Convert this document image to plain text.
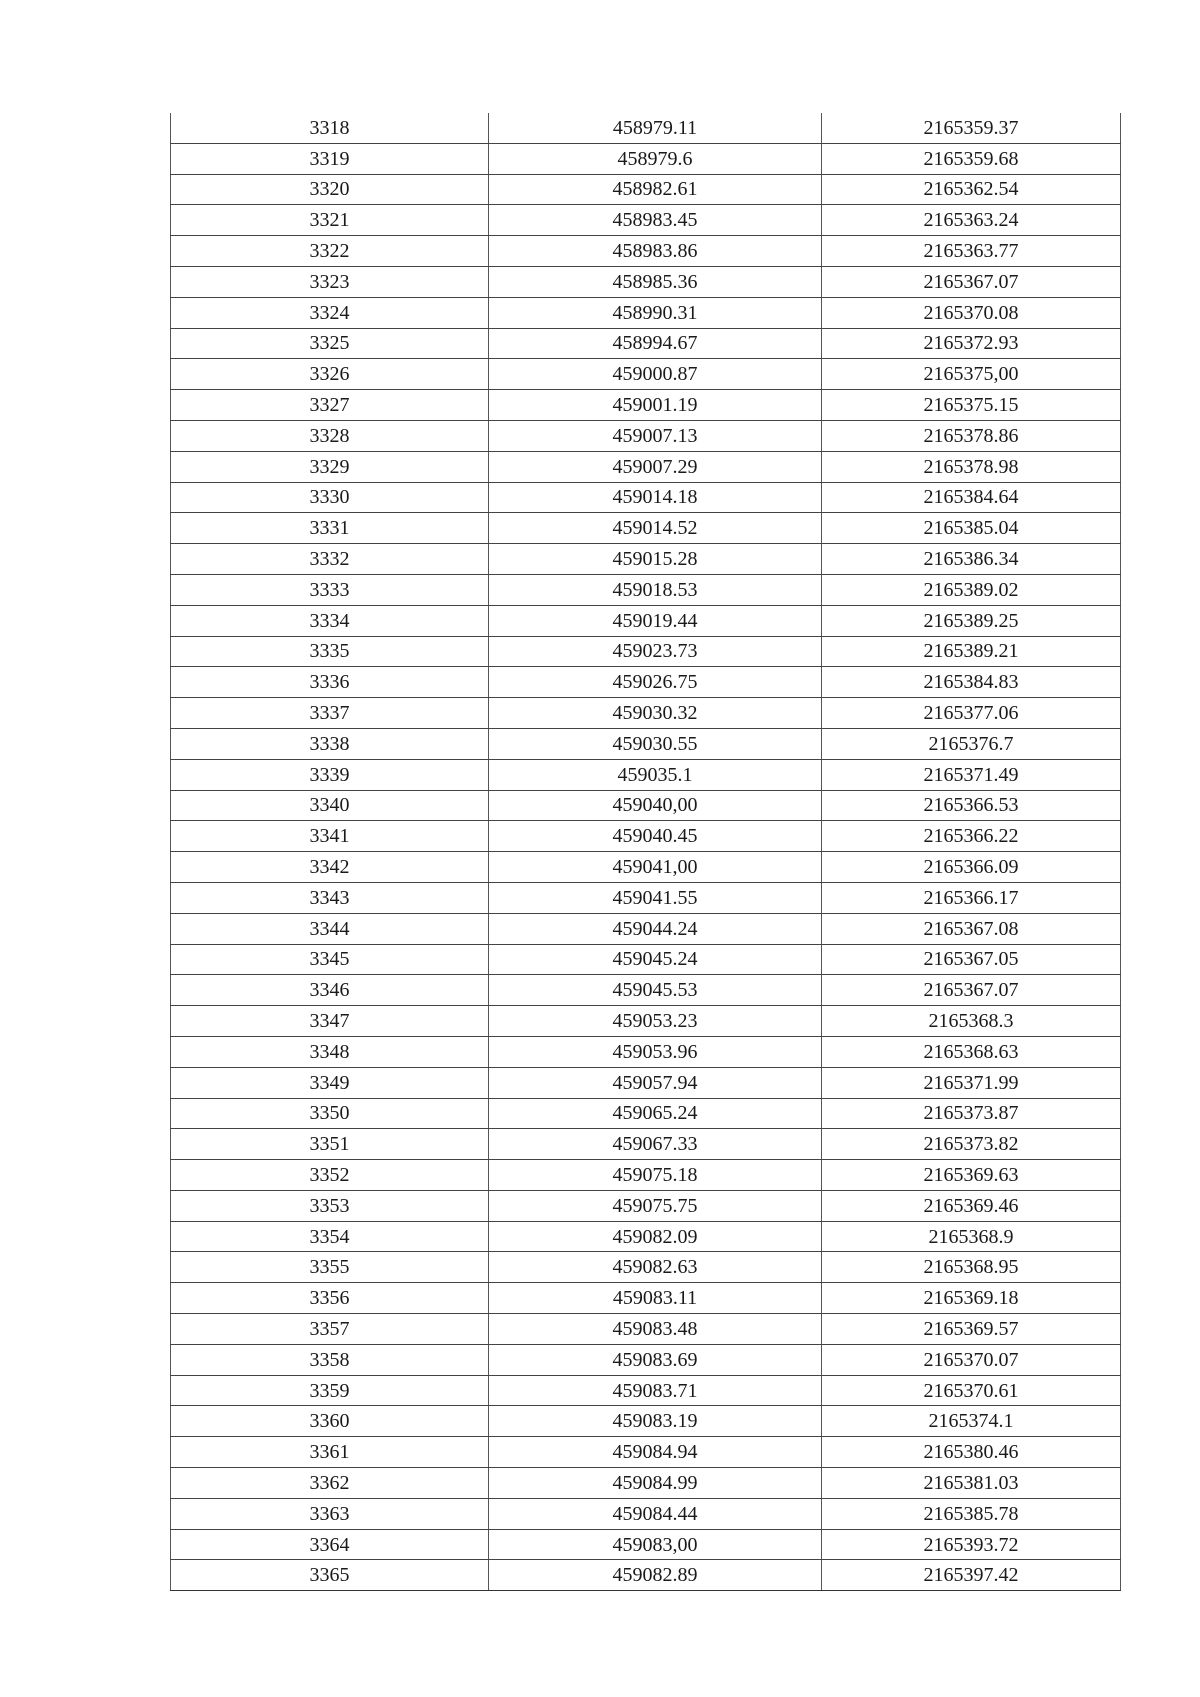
3318	458979.11	2165359.37
3319	458979.6	2165359.68
3320	458982.61	2165362.54
3321	458983.45	2165363.24
3322	458983.86	2165363.77
3323	458985.36	2165367.07
3324	458990.31	2165370.08
3325	458994.67	2165372.93
3326	459000.87	2165375,00
3327	459001.19	2165375.15
3328	459007.13	2165378.86
3329	459007.29	2165378.98
3330	459014.18	2165384.64
3331	459014.52	2165385.04
3332	459015.28	2165386.34
3333	459018.53	2165389.02
3334	459019.44	2165389.25
3335	459023.73	2165389.21
3336	459026.75	2165384.83
3337	459030.32	2165377.06
3338	459030.55	2165376.7
3339	459035.1	2165371.49
3340	459040,00	2165366.53
3341	459040.45	2165366.22
3342	459041,00	2165366.09
3343	459041.55	2165366.17
3344	459044.24	2165367.08
3345	459045.24	2165367.05
3346	459045.53	2165367.07
3347	459053.23	2165368.3
3348	459053.96	2165368.63
3349	459057.94	2165371.99
3350	459065.24	2165373.87
3351	459067.33	2165373.82
3352	459075.18	2165369.63
3353	459075.75	2165369.46
3354	459082.09	2165368.9
3355	459082.63	2165368.95
3356	459083.11	2165369.18
3357	459083.48	2165369.57
3358	459083.69	2165370.07
3359	459083.71	2165370.61
3360	459083.19	2165374.1
3361	459084.94	2165380.46
3362	459084.99	2165381.03
3363	459084.44	2165385.78
3364	459083,00	2165393.72
3365	459082.89	2165397.42
